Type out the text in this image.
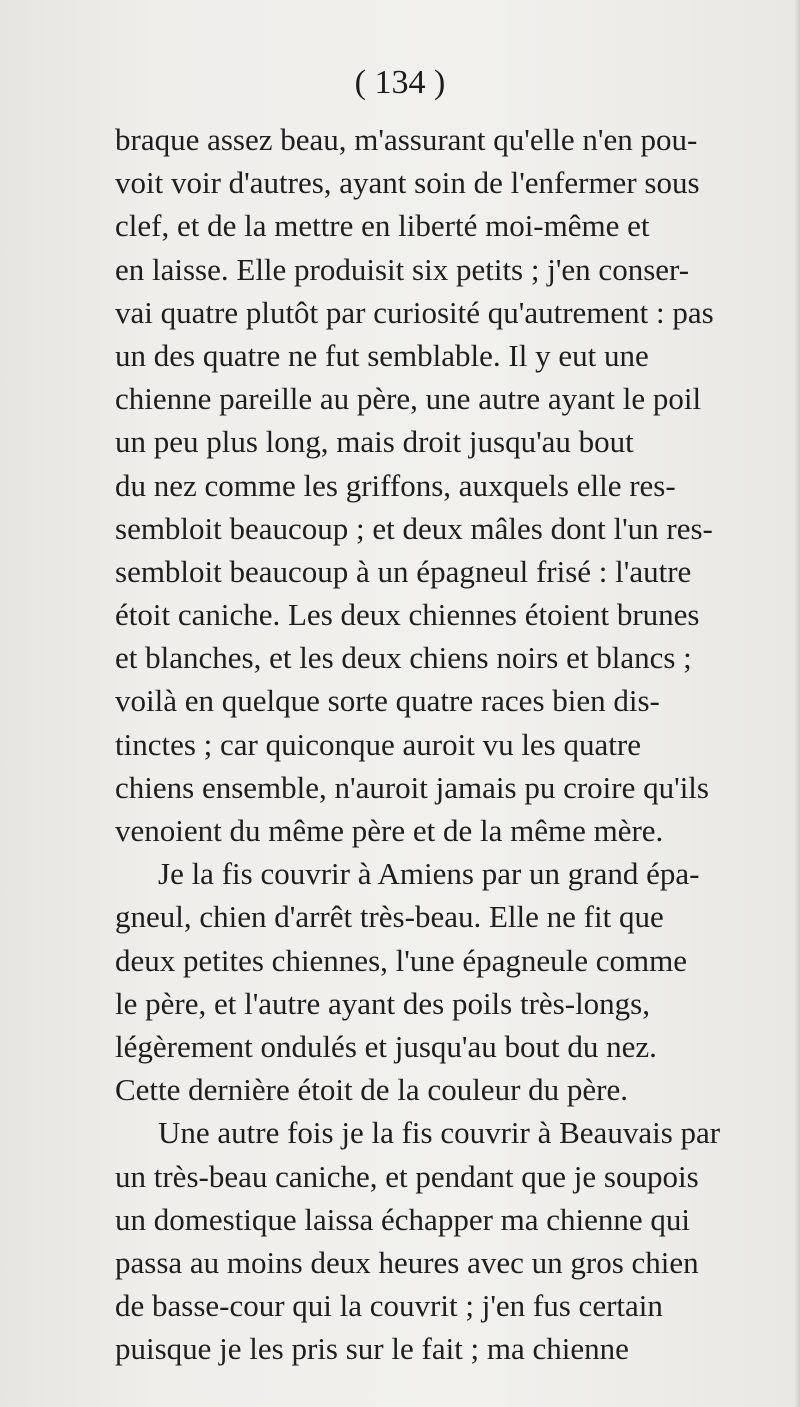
( 134 )
braque assez beau, m'assurant qu'elle n'en pou-
voit voir d'autres, ayant soin de l'enfermer sous
clef, et de la mettre en liberté moi-même et
en laisse. Elle produisit six petits ; j'en conser-
vai quatre plutôt par curiosité qu'autrement : pas
un des quatre ne fut semblable. Il y eut une
chienne pareille au père, une autre ayant le poil
un peu plus long, mais droit jusqu'au bout
du nez comme les griffons, auxquels elle res-
sembloit beaucoup ; et deux mâles dont l'un res-
sembloit beaucoup à un épagneul frisé : l'autre
étoit caniche. Les deux chiennes étoient brunes
et blanches, et les deux chiens noirs et blancs ;
voilà en quelque sorte quatre races bien dis-
tinctes ; car quiconque auroit vu les quatre
chiens ensemble, n'auroit jamais pu croire qu'ils
venoient du même père et de la même mère.
Je la fis couvrir à Amiens par un grand épa-
gneul, chien d'arrêt très-beau. Elle ne fit que
deux petites chiennes, l'une épagneule comme
le père, et l'autre ayant des poils très-longs,
légèrement ondulés et jusqu'au bout du nez.
Cette dernière étoit de la couleur du père.
Une autre fois je la fis couvrir à Beauvais par
un très-beau caniche, et pendant que je soupois
un domestique laissa échapper ma chienne qui
passa au moins deux heures avec un gros chien
de basse-cour qui la couvrit ; j'en fus certain
puisque je les pris sur le fait ; ma chienne
